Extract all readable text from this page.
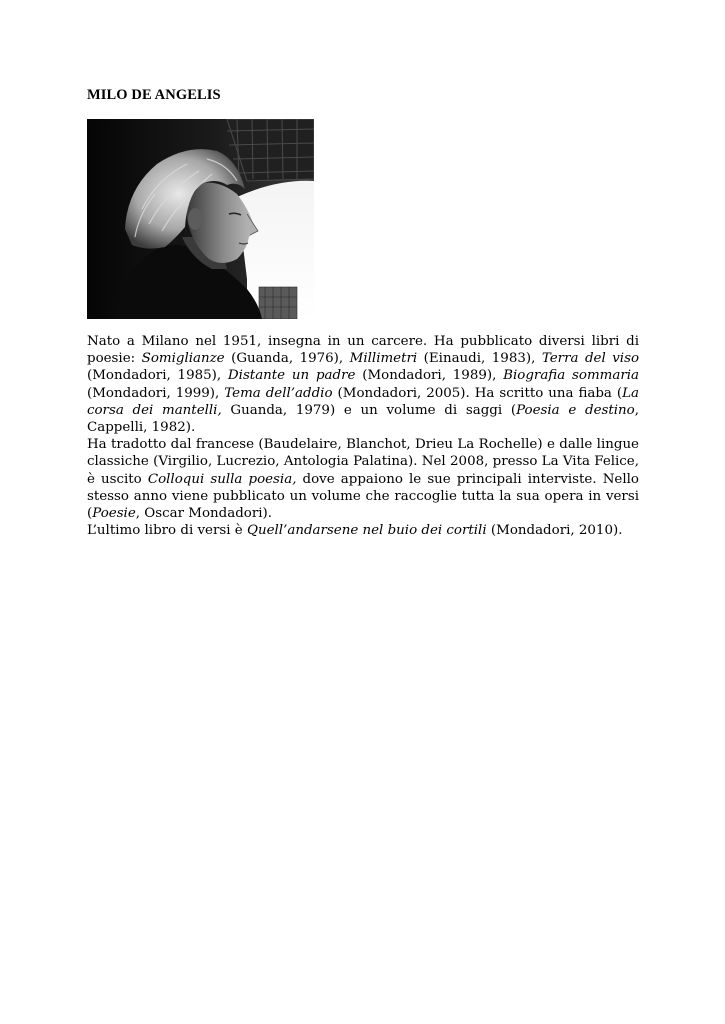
MILO DE ANGELIS

Nato a Milano nel 1951, insegna in un carcere. Ha pubblicato diversi libri di poesie: Somiglianze (Guanda, 1976), Millimetri (Einaudi, 1983), Terra del viso (Mondadori, 1985), Distante un padre (Mondadori, 1989), Biografia sommaria (Mondadori, 1999), Tema dell’addio (Mondadori, 2005). Ha scritto una fiaba (La corsa dei mantelli, Guanda, 1979) e un volume di saggi (Poesia e destino, Cappelli, 1982).

Ha tradotto dal francese (Baudelaire, Blanchot, Drieu La Rochelle) e dalle lingue classiche (Virgilio, Lucrezio, Antologia Palatina). Nel 2008, presso La Vita Felice, è uscito Colloqui sulla poesia, dove appaiono le sue principali interviste. Nello stesso anno viene pubblicato un volume che raccoglie tutta la sua opera in versi (Poesie, Oscar Mondadori).

L’ultimo libro di versi è Quell’andarsene nel buio dei cortili (Mondadori, 2010).
